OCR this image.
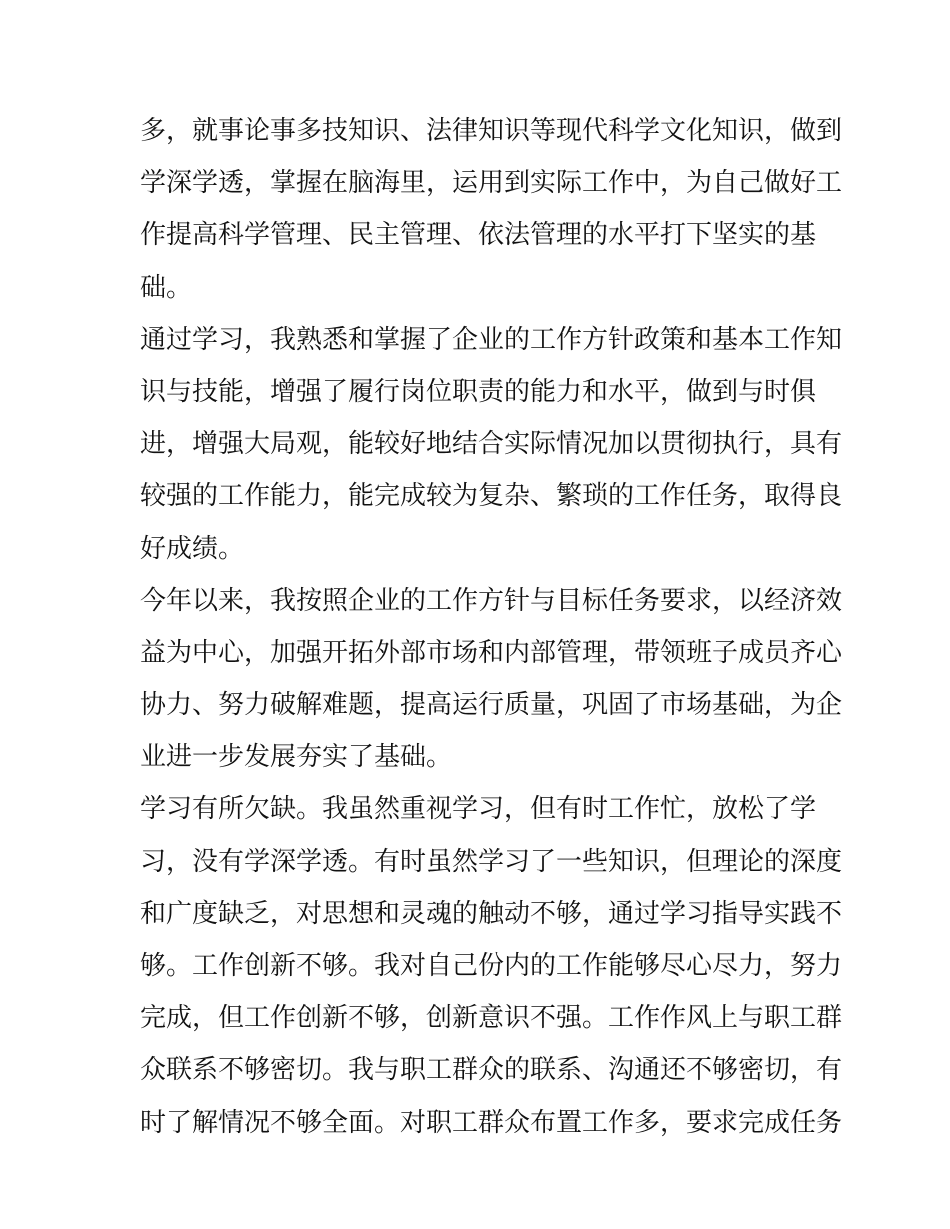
多，就事论事多技知识、法律知识等现代科学文化知识，做到
学深学透，掌握在脑海里，运用到实际工作中，为自己做好工
作提高科学管理、民主管理、依法管理的水平打下坚实的基
础。
通过学习，我熟悉和掌握了企业的工作方针政策和基本工作知
识与技能，增强了履行岗位职责的能力和水平，做到与时俱
进，增强大局观，能较好地结合实际情况加以贯彻执行，具有
较强的工作能力，能完成较为复杂、繁琐的工作任务，取得良
好成绩。
今年以来，我按照企业的工作方针与目标任务要求，以经济效
益为中心，加强开拓外部市场和内部管理，带领班子成员齐心
协力、努力破解难题，提高运行质量，巩固了市场基础，为企
业进一步发展夯实了基础。
学习有所欠缺。我虽然重视学习，但有时工作忙，放松了学
习，没有学深学透。有时虽然学习了一些知识，但理论的深度
和广度缺乏，对思想和灵魂的触动不够，通过学习指导实践不
够。工作创新不够。我对自己份内的工作能够尽心尽力，努力
完成，但工作创新不够，创新意识不强。工作作风上与职工群
众联系不够密切。我与职工群众的联系、沟通还不够密切，有
时了解情况不够全面。对职工群众布置工作多，要求完成任务
